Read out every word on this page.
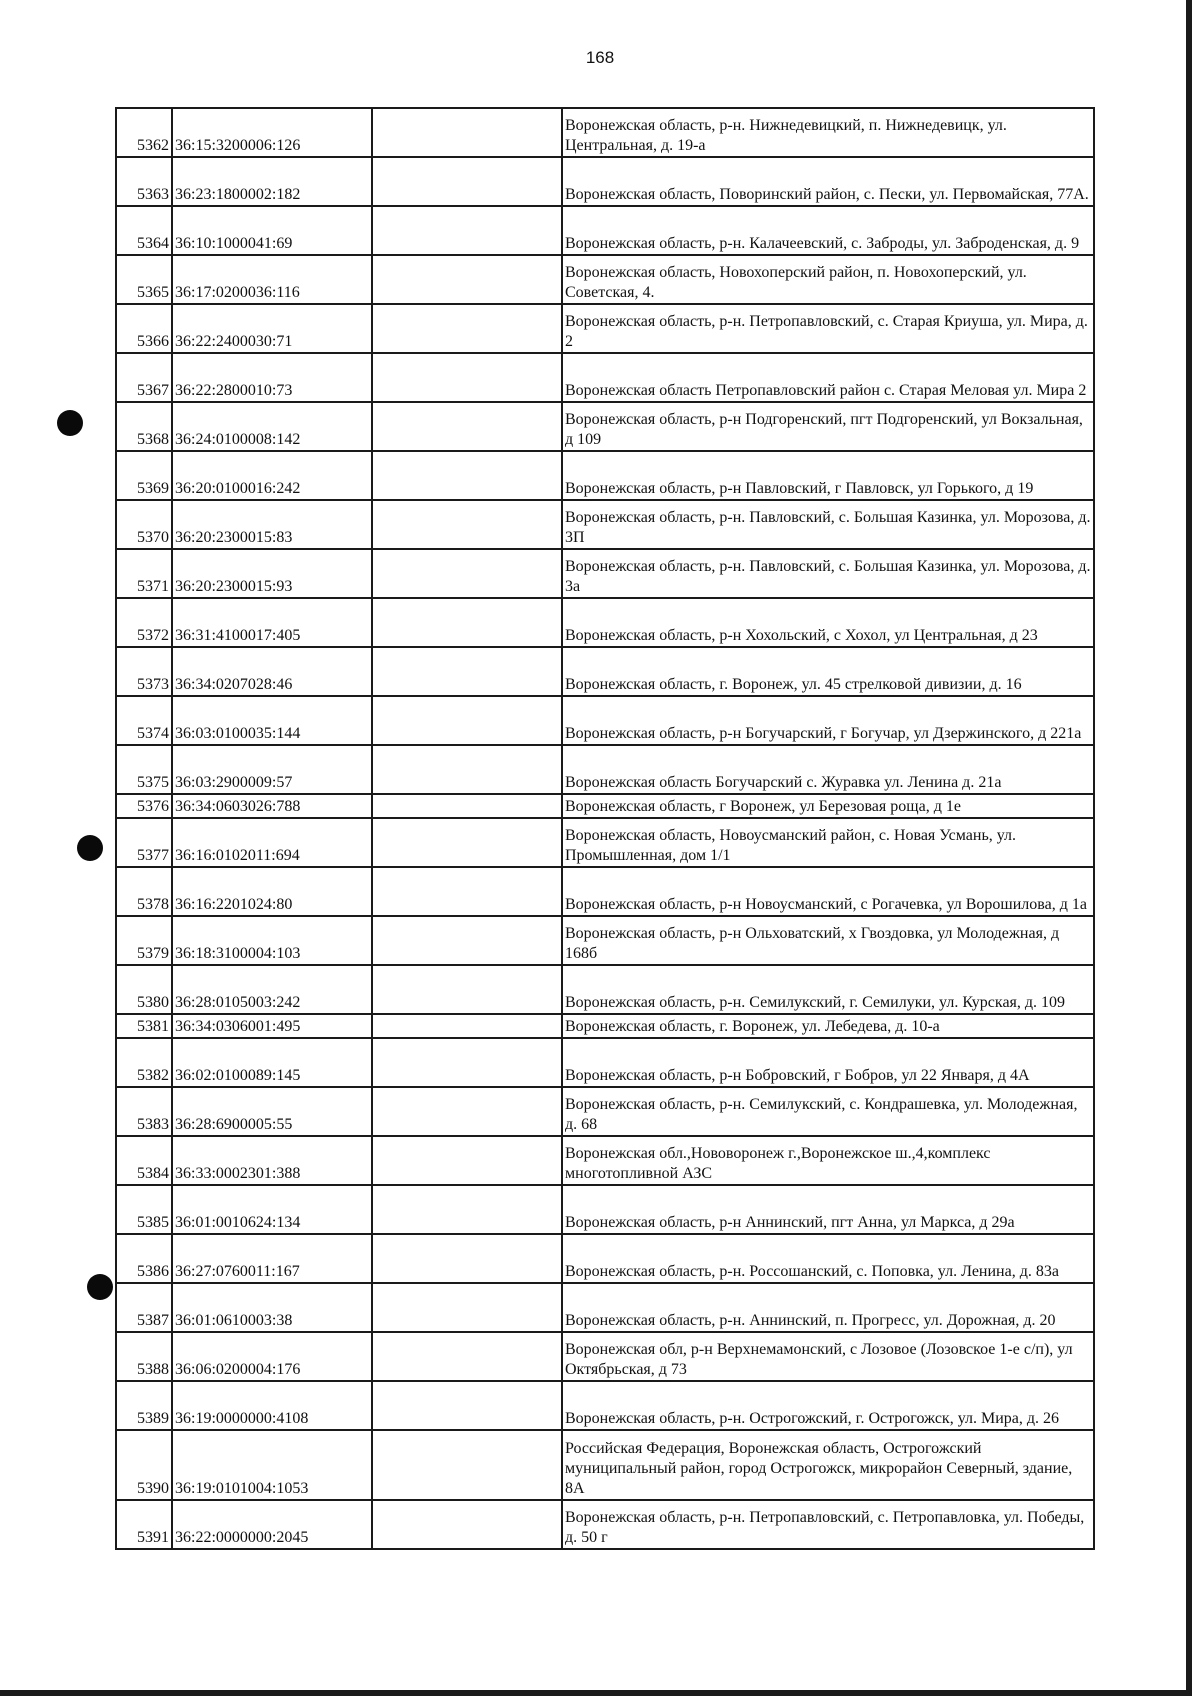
168
5362	36:15:3200006:126		Воронежская область, р-н. Нижнедевицкий, п. Нижнедевицк, ул. Центральная, д. 19-а
5363	36:23:1800002:182		Воронежская область, Поворинский район, с. Пески, ул. Первомайская, 77А.
5364	36:10:1000041:69		Воронежская область, р-н. Калачеевский, с. Заброды, ул. Заброденская, д. 9
5365	36:17:0200036:116		Воронежская область, Новохоперский район, п. Новохоперский, ул. Советская, 4.
5366	36:22:2400030:71		Воронежская область, р-н. Петропавловский, с. Старая Криуша, ул. Мира, д. 2
5367	36:22:2800010:73		Воронежская область Петропавловский район с. Старая Меловая ул. Мира 2
5368	36:24:0100008:142		Воронежская область, р-н Подгоренский, пгт Подгоренский, ул Вокзальная, д 109
5369	36:20:0100016:242		Воронежская область, р-н Павловский, г Павловск, ул Горького, д 19
5370	36:20:2300015:83		Воронежская область, р-н. Павловский, с. Большая Казинка, ул. Морозова, д. 3П
5371	36:20:2300015:93		Воронежская область, р-н. Павловский, с. Большая Казинка, ул. Морозова, д. 3а
5372	36:31:4100017:405		Воронежская область, р-н Хохольский, с Хохол, ул Центральная, д 23
5373	36:34:0207028:46		Воронежская область, г. Воронеж, ул. 45 стрелковой дивизии, д. 16
5374	36:03:0100035:144		Воронежская область, р-н Богучарский, г Богучар, ул Дзержинского, д 221а
5375	36:03:2900009:57		Воронежская область Богучарский с. Журавка ул. Ленина д. 21а
5376	36:34:0603026:788		Воронежская область, г Воронеж, ул Березовая роща, д 1е
5377	36:16:0102011:694		Воронежская область, Новоусманский район, с. Новая Усмань, ул. Промышленная, дом 1/1
5378	36:16:2201024:80		Воронежская область, р-н Новоусманский, с Рогачевка, ул Ворошилова, д 1а
5379	36:18:3100004:103		Воронежская область, р-н Ольховатский, х Гвоздовка, ул Молодежная, д 168б
5380	36:28:0105003:242		Воронежская область, р-н. Семилукский, г. Семилуки, ул. Курская, д. 109
5381	36:34:0306001:495		Воронежская область, г. Воронеж, ул. Лебедева, д. 10-а
5382	36:02:0100089:145		Воронежская область, р-н Бобровский, г Бобров, ул 22 Января, д 4А
5383	36:28:6900005:55		Воронежская область, р-н. Семилукский, с. Кондрашевка, ул. Молодежная, д. 68
5384	36:33:0002301:388		Воронежская обл.,Нововоронеж г.,Воронежское ш.,4,комплекс многотопливной АЗС
5385	36:01:0010624:134		Воронежская область, р-н Аннинский, пгт Анна, ул Маркса, д 29а
5386	36:27:0760011:167		Воронежская область, р-н. Россошанский, с. Поповка, ул. Ленина, д. 83а
5387	36:01:0610003:38		Воронежская область, р-н. Аннинский, п. Прогресс, ул. Дорожная, д. 20
5388	36:06:0200004:176		Воронежская обл, р-н Верхнемамонский, с Лозовое (Лозовское 1-е с/п), ул Октябрьская, д 73
5389	36:19:0000000:4108		Воронежская область, р-н. Острогожский, г. Острогожск, ул. Мира, д. 26
5390	36:19:0101004:1053		Российская Федерация, Воронежская область, Острогожский муниципальный район, город Острогожск, микрорайон Северный, здание, 8А
5391	36:22:0000000:2045		Воронежская область, р-н. Петропавловский, с. Петропавловка, ул. Победы, д. 50 г
